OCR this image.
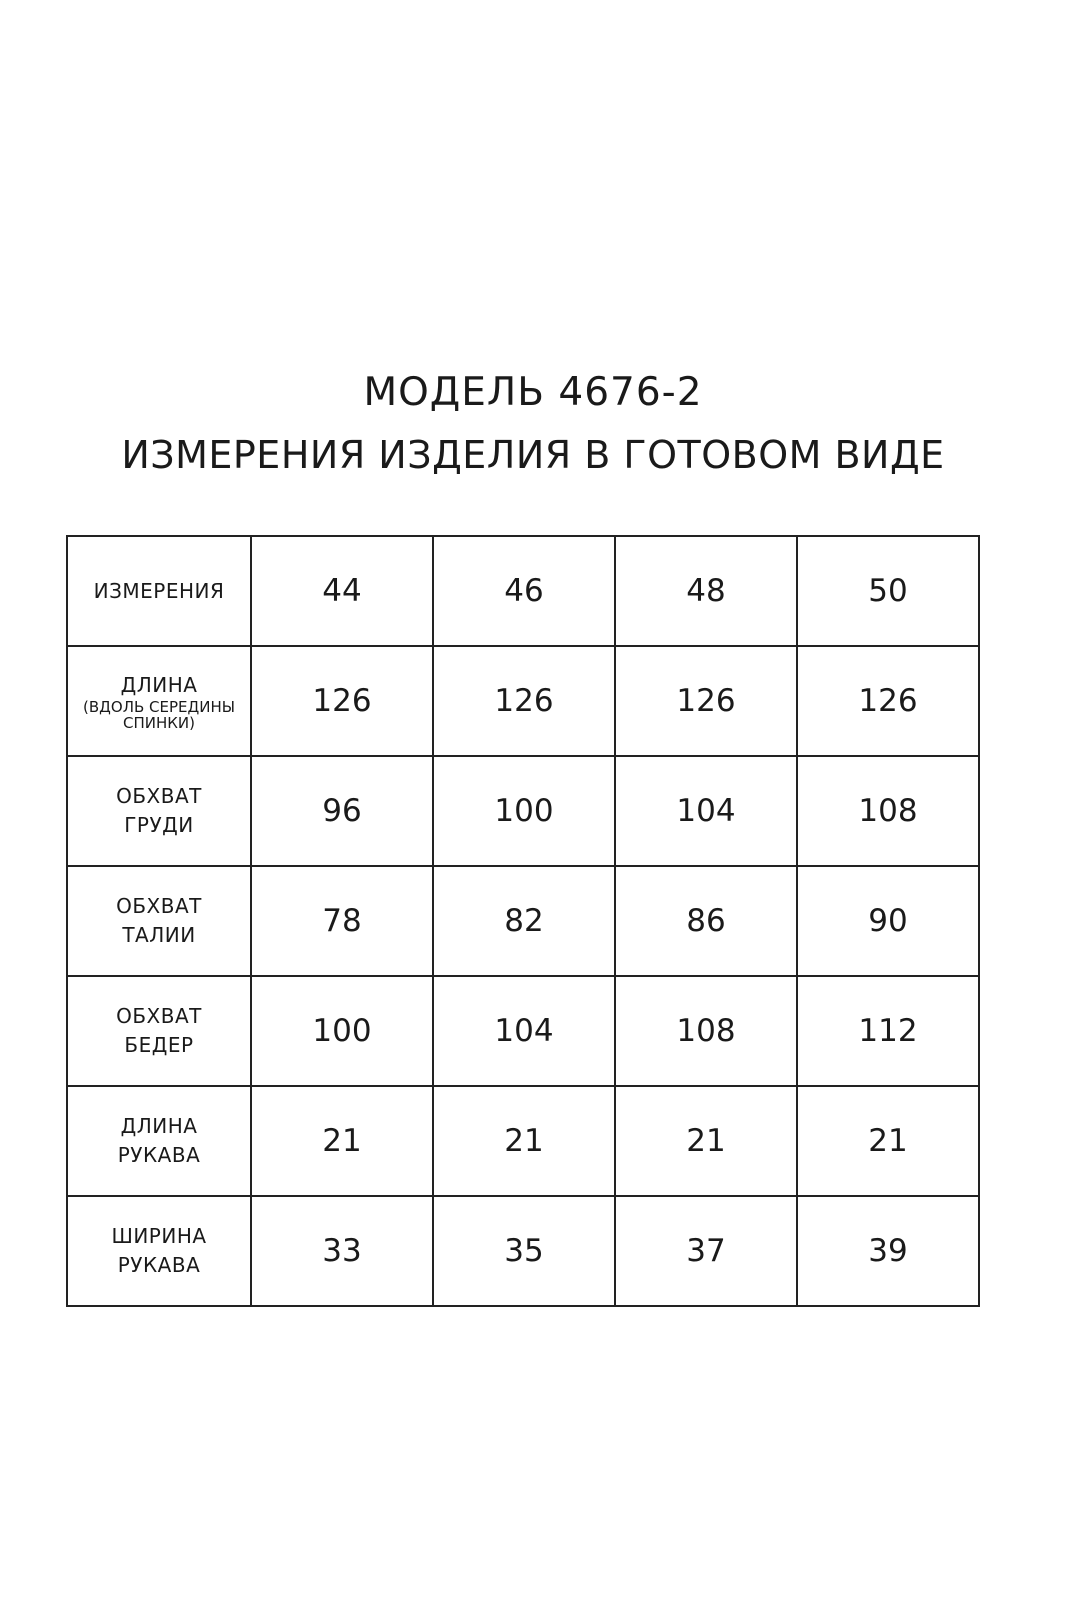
МОДЕЛЬ 4676-2
ИЗМЕРЕНИЯ ИЗДЕЛИЯ В ГОТОВОМ ВИДЕ
ИЗМЕРЕНИЯ	44	46	48	50
ДЛИНА
(ВДОЛЬ СЕРЕДИНЫ
СПИНКИ)	126	126	126	126
ОБХВАТ
ГРУДИ	96	100	104	108
ОБХВАТ
ТАЛИИ	78	82	86	90
ОБХВАТ
БЕДЕР	100	104	108	112
ДЛИНА
РУКАВА	21	21	21	21
ШИРИНА
РУКАВА	33	35	37	39
